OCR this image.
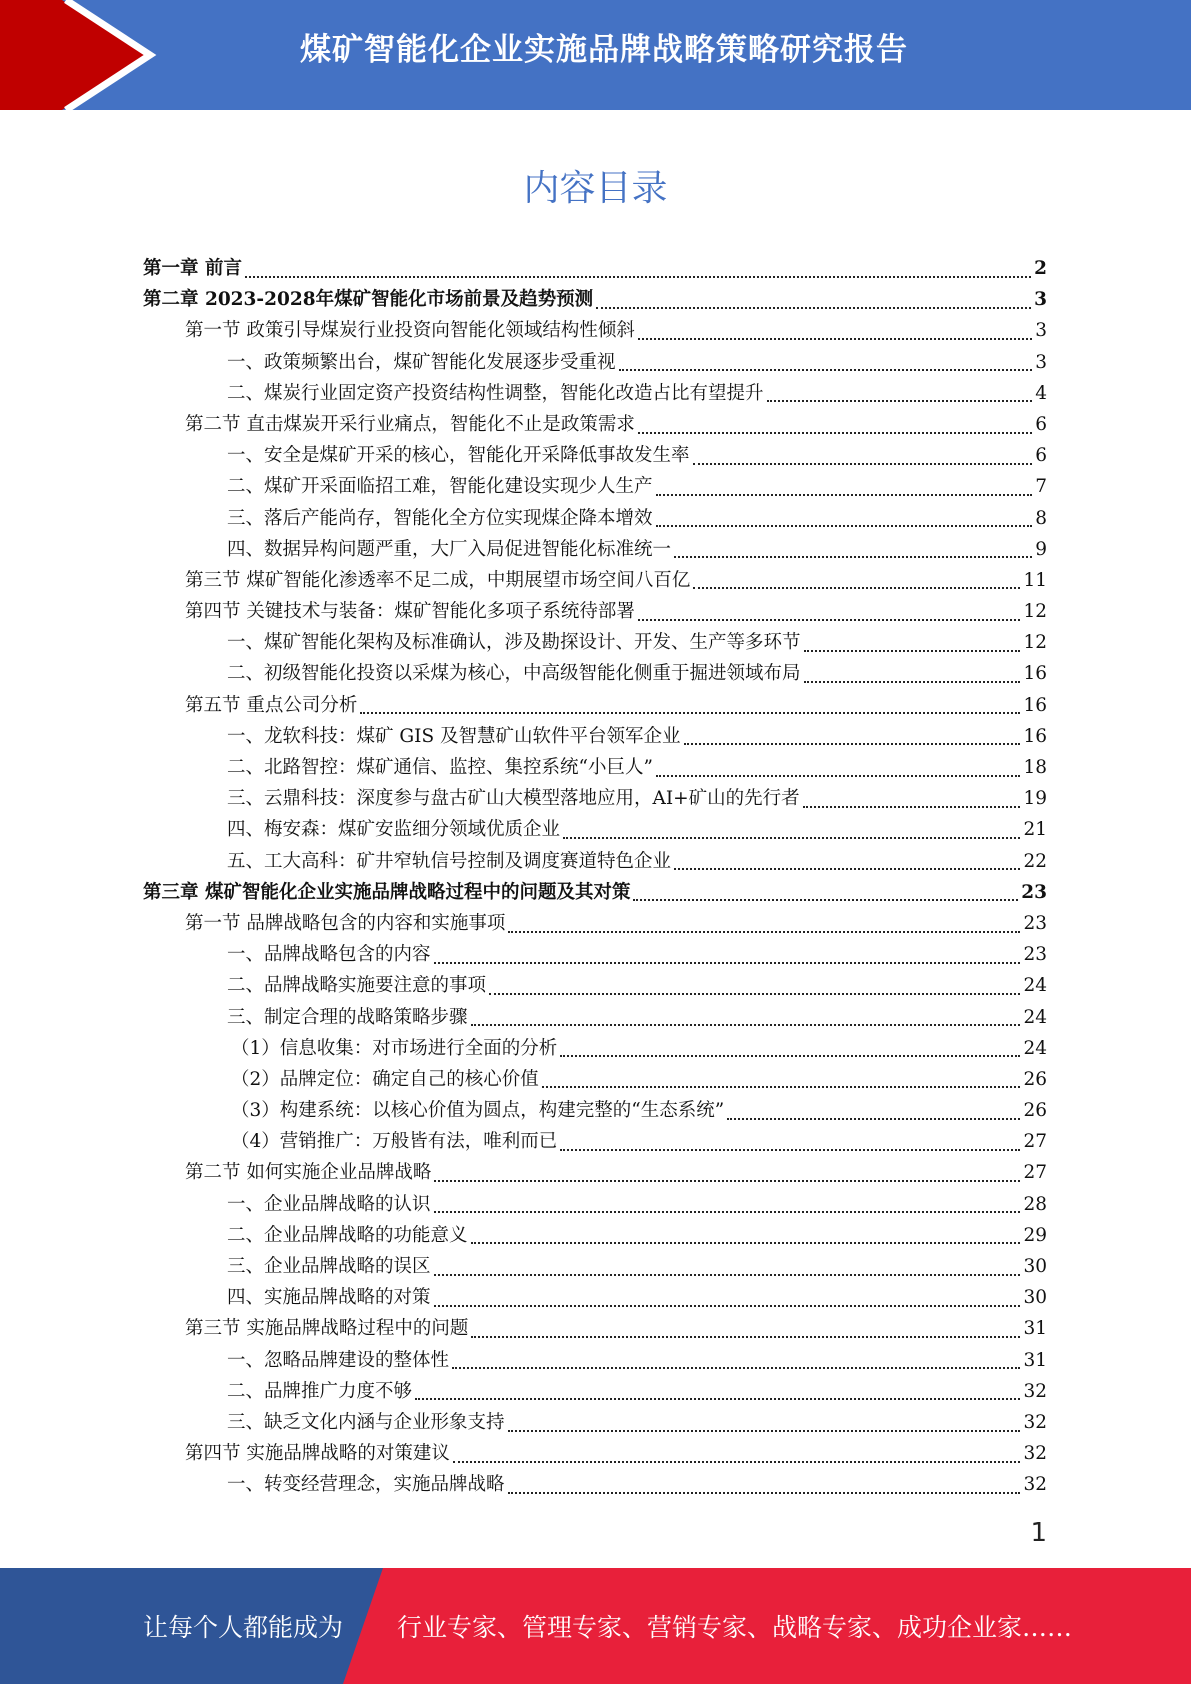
煤矿智能化企业实施品牌战略策略研究报告
内容目录
第一章 前言	2
第二章 2023-2028年煤矿智能化市场前景及趋势预测	3
第一节 政策引导煤炭行业投资向智能化领域结构性倾斜	3
一、政策频繁出台，煤矿智能化发展逐步受重视	3
二、煤炭行业固定资产投资结构性调整，智能化改造占比有望提升	4
第二节 直击煤炭开采行业痛点，智能化不止是政策需求	6
一、安全是煤矿开采的核心，智能化开采降低事故发生率	6
二、煤矿开采面临招工难，智能化建设实现少人生产	7
三、落后产能尚存，智能化全方位实现煤企降本增效	8
四、数据异构问题严重，大厂入局促进智能化标准统一	9
第三节 煤矿智能化渗透率不足二成，中期展望市场空间八百亿	11
第四节 关键技术与装备：煤矿智能化多项子系统待部署	12
一、煤矿智能化架构及标准确认，涉及勘探设计、开发、生产等多环节	12
二、初级智能化投资以采煤为核心，中高级智能化侧重于掘进领域布局	16
第五节 重点公司分析	16
一、龙软科技：煤矿 GIS 及智慧矿山软件平台领军企业	16
二、北路智控：煤矿通信、监控、集控系统“小巨人”	18
三、云鼎科技：深度参与盘古矿山大模型落地应用，AI+矿山的先行者	19
四、梅安森：煤矿安监细分领域优质企业	21
五、工大高科：矿井窄轨信号控制及调度赛道特色企业	22
第三章 煤矿智能化企业实施品牌战略过程中的问题及其对策	23
第一节 品牌战略包含的内容和实施事项	23
一、品牌战略包含的内容	23
二、品牌战略实施要注意的事项	24
三、制定合理的战略策略步骤	24
（1）信息收集：对市场进行全面的分析	24
（2）品牌定位：确定自己的核心价值	26
（3）构建系统：以核心价值为圆点，构建完整的“生态系统”	26
（4）营销推广：万般皆有法，唯利而已	27
第二节 如何实施企业品牌战略	27
一、企业品牌战略的认识	28
二、企业品牌战略的功能意义	29
三、企业品牌战略的误区	30
四、实施品牌战略的对策	30
第三节 实施品牌战略过程中的问题	31
一、忽略品牌建设的整体性	31
二、品牌推广力度不够	32
三、缺乏文化内涵与企业形象支持	32
第四节 实施品牌战略的对策建议	32
一、转变经营理念，实施品牌战略	32
1
让每个人都能成为 行业专家、管理专家、营销专家、战略专家、成功企业家……
